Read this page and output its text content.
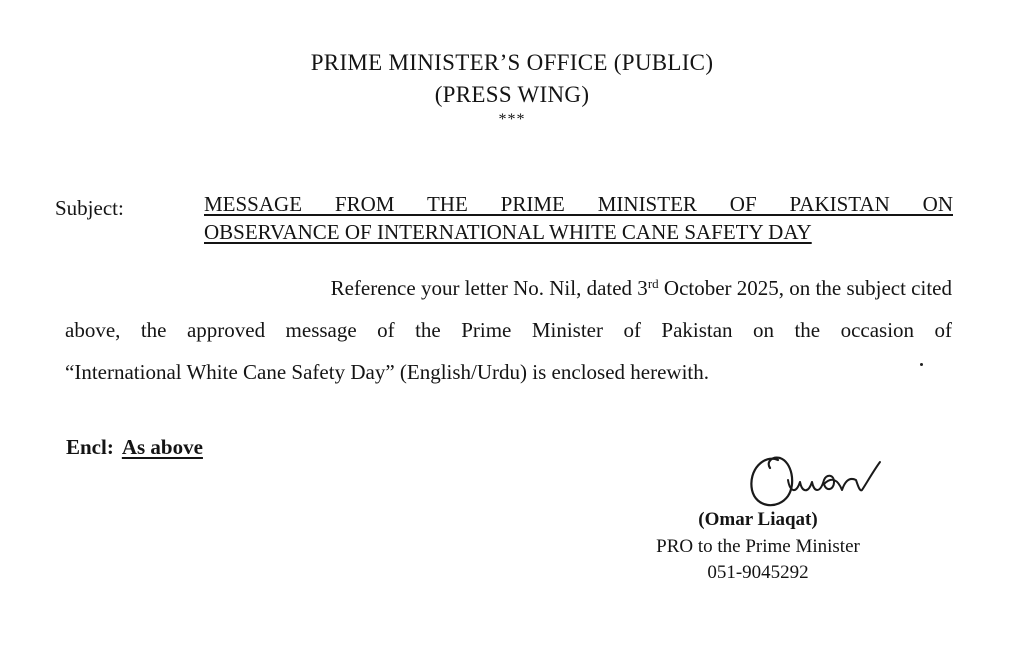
PRIME MINISTER’S OFFICE (PUBLIC)
(PRESS WING)
***
Subject:	MESSAGE FROM THE PRIME MINISTER OF PAKISTAN ON
OBSERVANCE OF INTERNATIONAL WHITE CANE SAFETY DAY
Reference your letter No. Nil, dated 3rd October 2025, on the subject cited
above, the approved message of the Prime Minister of Pakistan on the occasion of
“International White Cane Safety Day” (English/Urdu) is enclosed herewith.
Encl: As above
(Omar Liaqat)
PRO to the Prime Minister
051-9045292
